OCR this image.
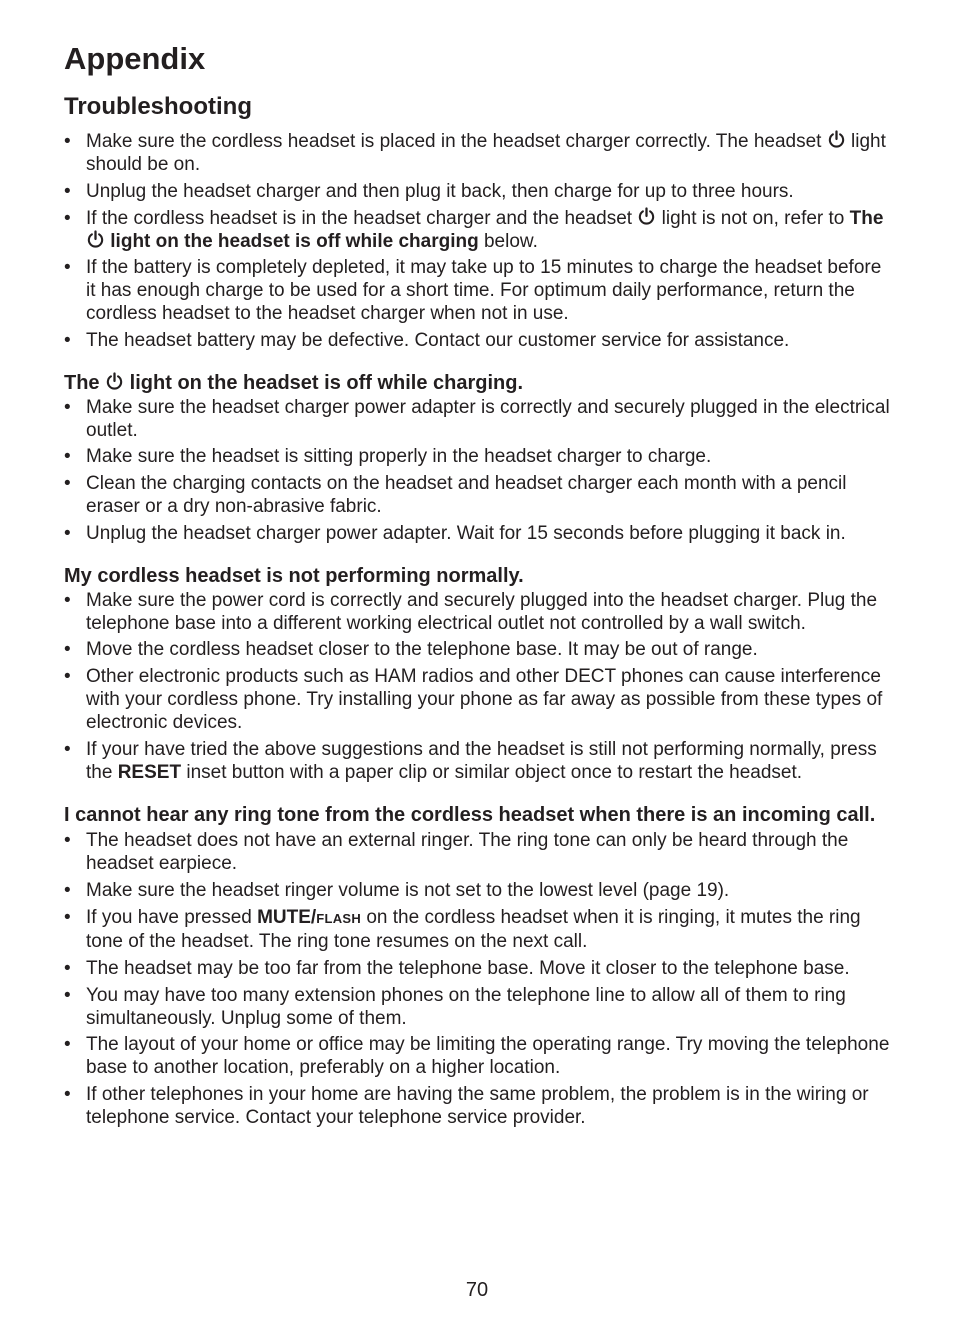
Appendix
Troubleshooting
• Make sure the cordless headset is placed in the headset charger correctly. The headset
light should be on.
• Unplug the headset charger and then plug it back, then charge for up to three hours.
• If the cordless headset is in the headset charger and the headset
light is not on, refer to The
light on the headset is off while charging below.
• If the battery is completely depleted, it may take up to 15 minutes to charge the headset before it has enough charge to be used for a short time. For optimum daily performance, return the cordless headset to the headset charger when not in use.
• The headset battery may be defective. Contact our customer service for assistance.
The
light on the headset is off while charging.
• Make sure the headset charger power adapter is correctly and securely plugged in the electrical outlet.
• Make sure the headset is sitting properly in the headset charger to charge.
• Clean the charging contacts on the headset and headset charger each month with a pencil eraser or a dry non-abrasive fabric.
• Unplug the headset charger power adapter. Wait for 15 seconds before plugging it back in.
My cordless headset is not performing normally.
• Make sure the power cord is correctly and securely plugged into the headset charger. Plug the telephone base into a different working electrical outlet not controlled by a wall switch.
• Move the cordless headset closer to the telephone base. It may be out of range.
• Other electronic products such as HAM radios and other DECT phones can cause interference with your cordless phone. Try installing your phone as far away as possible from these types of electronic devices.
• If your have tried the above suggestions and the headset is still not performing normally, press the RESET inset button with a paper clip or similar object once to restart the headset.
I cannot hear any ring tone from the cordless headset when there is an incoming call.
• The headset does not have an external ringer. The ring tone can only be heard through the headset earpiece.
• Make sure the headset ringer volume is not set to the lowest level (page 19).
• If you have pressed MUTE/FLASH on the cordless headset when it is ringing, it mutes the ring tone of the headset. The ring tone resumes on the next call.
• The headset may be too far from the telephone base. Move it closer to the telephone base.
• You may have too many extension phones on the telephone line to allow all of them to ring simultaneously. Unplug some of them.
• The layout of your home or office may be limiting the operating range. Try moving the telephone base to another location, preferably on a higher location.
• If other telephones in your home are having the same problem, the problem is in the wiring or telephone service. Contact your telephone service provider.
70
